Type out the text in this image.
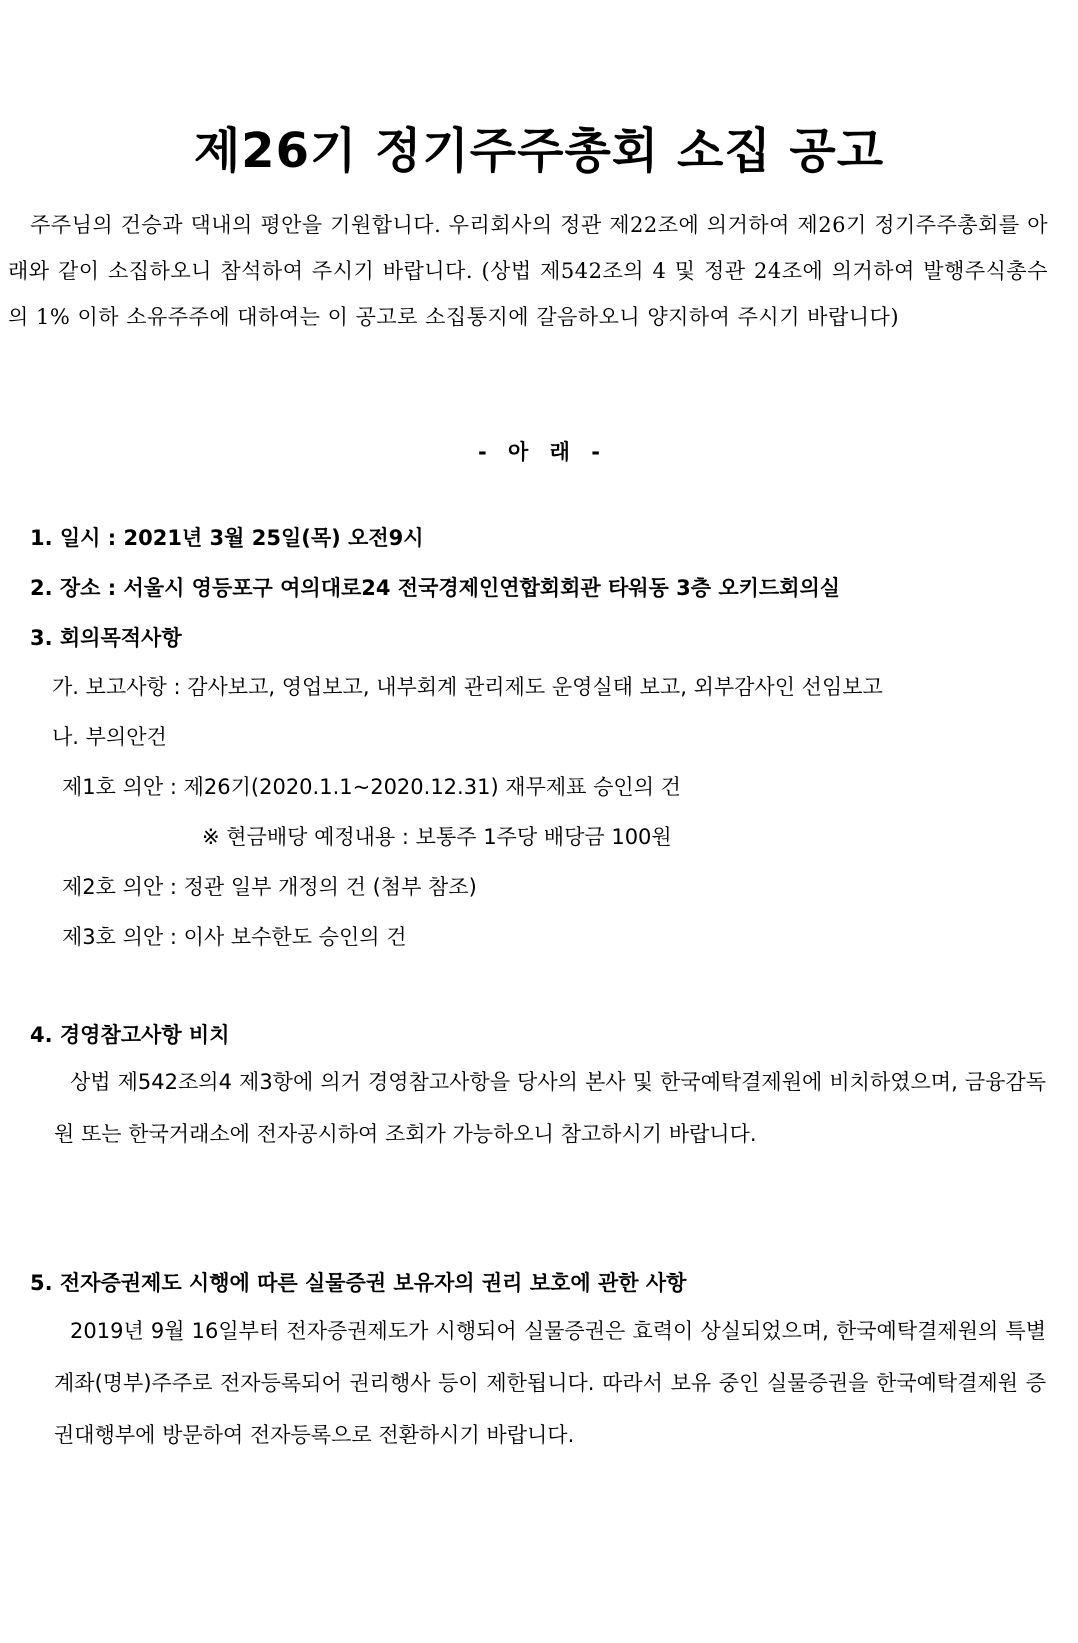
제26기 정기주주총회 소집 공고
주주님의 건승과 댁내의 평안을 기원합니다. 우리회사의 정관 제22조에 의거하여 제26기 정기주주총회를 아래와 같이 소집하오니 참석하여 주시기 바랍니다. (상법 제542조의 4 및 정관 24조에 의거하여 발행주식총수의 1% 이하 소유주주에 대하여는 이 공고로 소집통지에 갈음하오니 양지하여 주시기 바랍니다)
- 아 래 -
1. 일시 : 2021년 3월 25일(목) 오전9시
2. 장소 : 서울시 영등포구 여의대로24 전국경제인연합회회관 타워동 3층 오키드회의실
3. 회의목적사항
가. 보고사항 : 감사보고, 영업보고, 내부회계 관리제도 운영실태 보고, 외부감사인 선임보고
나. 부의안건
제1호 의안 : 제26기(2020.1.1~2020.12.31) 재무제표 승인의 건
※ 현금배당 예정내용 : 보통주 1주당 배당금 100원
제2호 의안 : 정관 일부 개정의 건 (첨부 참조)
제3호 의안 : 이사 보수한도 승인의 건
4. 경영참고사항 비치
상법 제542조의4 제3항에 의거 경영참고사항을 당사의 본사 및 한국예탁결제원에 비치하였으며, 금융감독원 또는 한국거래소에 전자공시하여 조회가 가능하오니 참고하시기 바랍니다.
5. 전자증권제도 시행에 따른 실물증권 보유자의 권리 보호에 관한 사항
2019년 9월 16일부터 전자증권제도가 시행되어 실물증권은 효력이 상실되었으며, 한국예탁결제원의 특별계좌(명부)주주로 전자등록되어 권리행사 등이 제한됩니다. 따라서 보유 중인 실물증권을 한국예탁결제원 증권대행부에 방문하여 전자등록으로 전환하시기 바랍니다.
